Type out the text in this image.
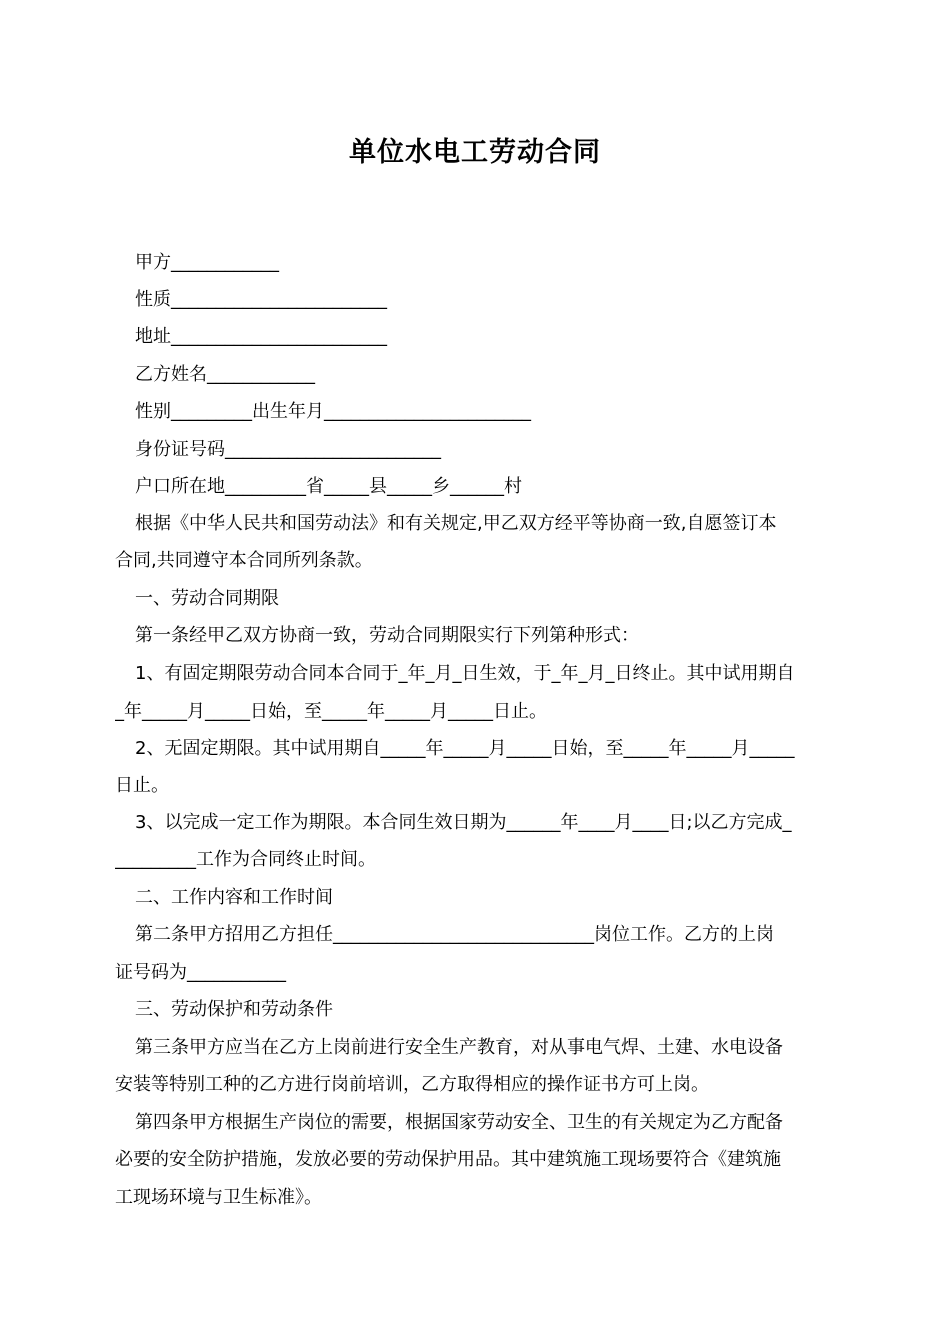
单位水电工劳动合同
甲方____________
性质________________________
地址________________________
乙方姓名____________
性别_________出生年月_______________________
身份证号码________________________
户口所在地_________省_____县_____乡______村
根据《中华人民共和国劳动法》和有关规定,甲乙双方经平等协商一致,自愿签订本
合同,共同遵守本合同所列条款。
一、劳动合同期限
第一条经甲乙双方协商一致，劳动合同期限实行下列第种形式：
1、有固定期限劳动合同本合同于_年_月_日生效，于_年_月_日终止。其中试用期自
_年_____月_____日始，至_____年_____月_____日止。
2、无固定期限。其中试用期自_____年_____月_____日始，至_____年_____月_____
日止。
3、以完成一定工作为期限。本合同生效日期为______年____月____日;以乙方完成_
_________工作为合同终止时间。
二、工作内容和工作时间
第二条甲方招用乙方担任_____________________________岗位工作。乙方的上岗
证号码为___________
三、劳动保护和劳动条件
第三条甲方应当在乙方上岗前进行安全生产教育，对从事电气焊、土建、水电设备
安装等特别工种的乙方进行岗前培训，乙方取得相应的操作证书方可上岗。
第四条甲方根据生产岗位的需要，根据国家劳动安全、卫生的有关规定为乙方配备
必要的安全防护措施，发放必要的劳动保护用品。其中建筑施工现场要符合《建筑施
工现场环境与卫生标准》。
